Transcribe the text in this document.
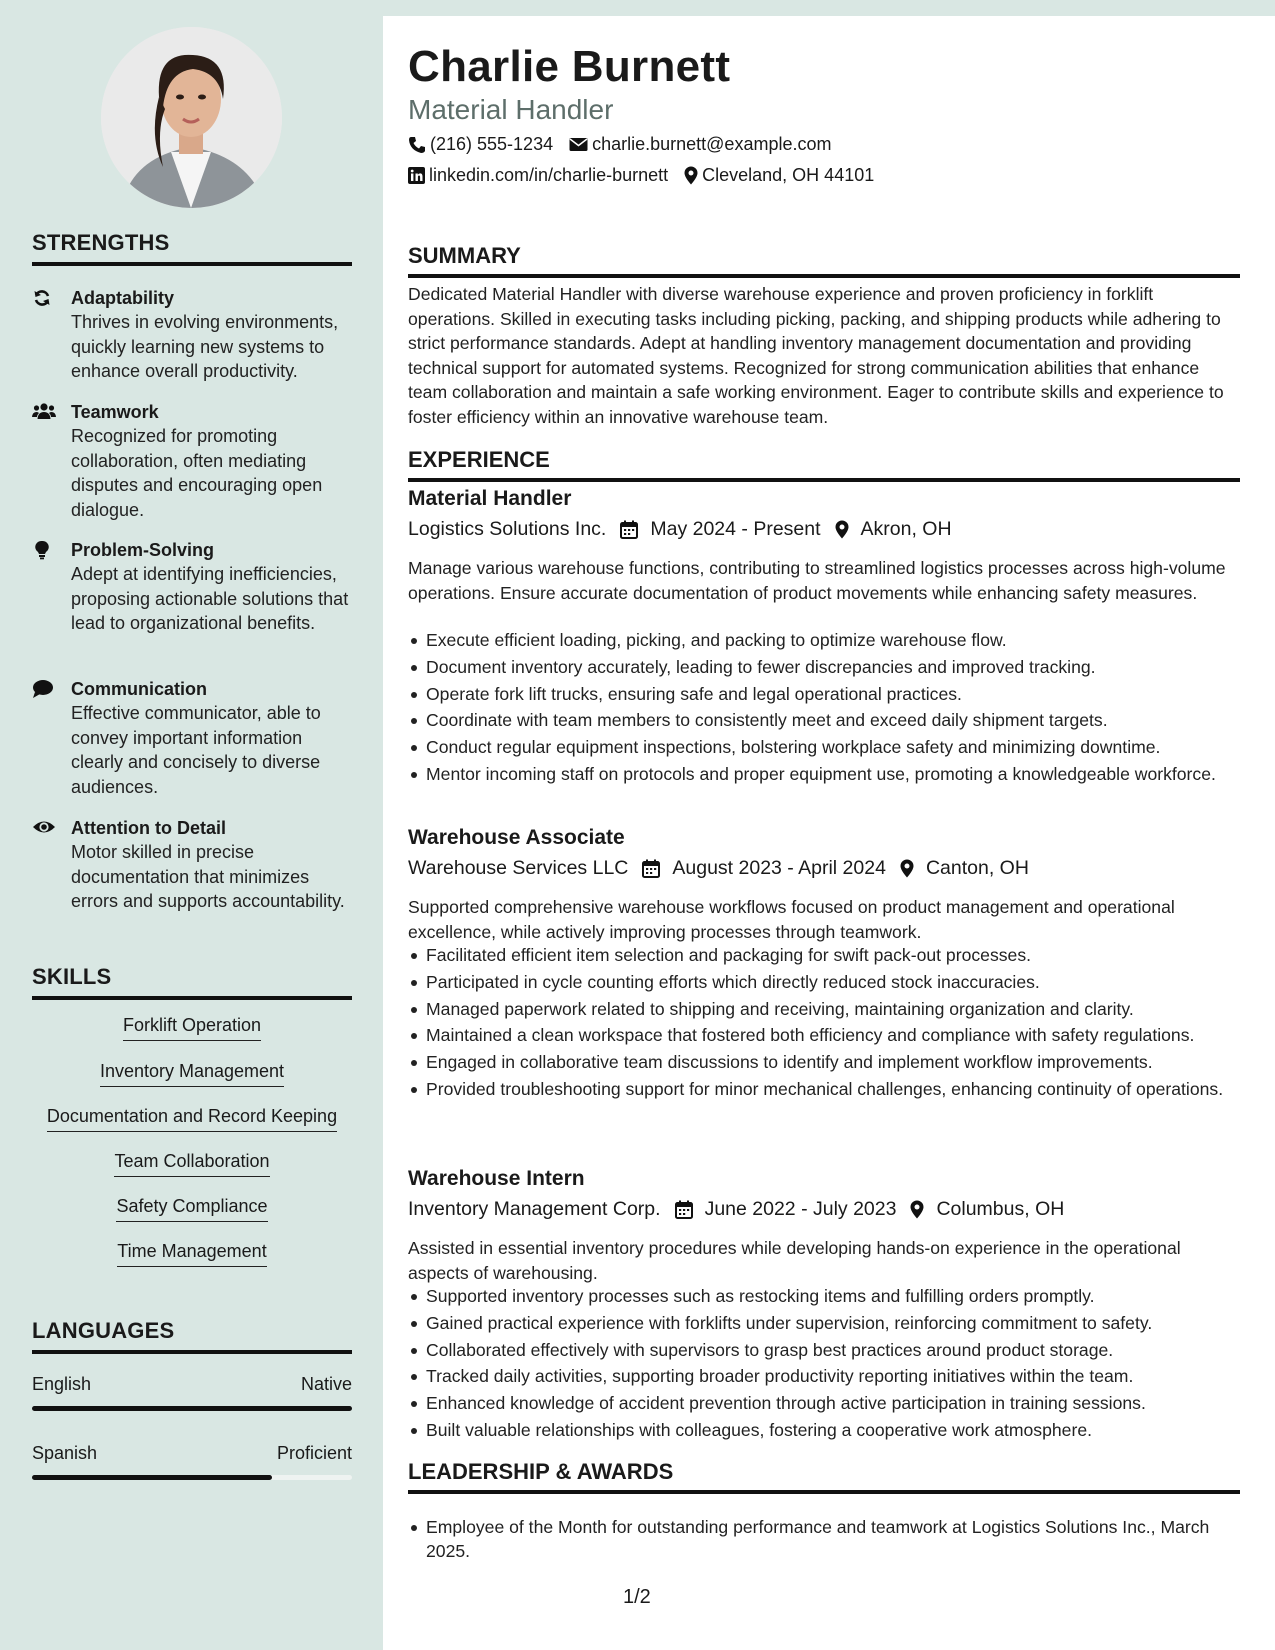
STRENGTHS
Adaptability
Thrives in evolving environments, quickly learning new systems to enhance overall productivity.
Teamwork
Recognized for promoting collaboration, often mediating disputes and encouraging open dialogue.
Problem-Solving
Adept at identifying inefficiencies, proposing actionable solutions that lead to organizational benefits.
Communication
Effective communicator, able to convey important information clearly and concisely to diverse audiences.
Attention to Detail
Motor skilled in precise documentation that minimizes errors and supports accountability.
SKILLS
Forklift Operation
Inventory Management
Documentation and Record Keeping
Team Collaboration
Safety Compliance
Time Management
LANGUAGES
English	Native
Spanish	Proficient
Charlie Burnett
Material Handler
(216) 555-1234 charlie.burnett@example.com
linkedin.com/in/charlie-burnett Cleveland, OH 44101
SUMMARY
Dedicated Material Handler with diverse warehouse experience and proven proficiency in forklift operations. Skilled in executing tasks including picking, packing, and shipping products while adhering to strict performance standards. Adept at handling inventory management documentation and providing technical support for automated systems. Recognized for strong communication abilities that enhance team collaboration and maintain a safe working environment. Eager to contribute skills and experience to foster efficiency within an innovative warehouse team.
EXPERIENCE
Material Handler
Logistics Solutions Inc. May 2024 - Present Akron, OH
Manage various warehouse functions, contributing to streamlined logistics processes across high-volume operations. Ensure accurate documentation of product movements while enhancing safety measures.
Execute efficient loading, picking, and packing to optimize warehouse flow.
Document inventory accurately, leading to fewer discrepancies and improved tracking.
Operate fork lift trucks, ensuring safe and legal operational practices.
Coordinate with team members to consistently meet and exceed daily shipment targets.
Conduct regular equipment inspections, bolstering workplace safety and minimizing downtime.
Mentor incoming staff on protocols and proper equipment use, promoting a knowledgeable workforce.
Warehouse Associate
Warehouse Services LLC August 2023 - April 2024 Canton, OH
Supported comprehensive warehouse workflows focused on product management and operational excellence, while actively improving processes through teamwork.
Facilitated efficient item selection and packaging for swift pack-out processes.
Participated in cycle counting efforts which directly reduced stock inaccuracies.
Managed paperwork related to shipping and receiving, maintaining organization and clarity.
Maintained a clean workspace that fostered both efficiency and compliance with safety regulations.
Engaged in collaborative team discussions to identify and implement workflow improvements.
Provided troubleshooting support for minor mechanical challenges, enhancing continuity of operations.
Warehouse Intern
Inventory Management Corp. June 2022 - July 2023 Columbus, OH
Assisted in essential inventory procedures while developing hands-on experience in the operational aspects of warehousing.
Supported inventory processes such as restocking items and fulfilling orders promptly.
Gained practical experience with forklifts under supervision, reinforcing commitment to safety.
Collaborated effectively with supervisors to grasp best practices around product storage.
Tracked daily activities, supporting broader productivity reporting initiatives within the team.
Enhanced knowledge of accident prevention through active participation in training sessions.
Built valuable relationships with colleagues, fostering a cooperative work atmosphere.
LEADERSHIP & AWARDS
Employee of the Month for outstanding performance and teamwork at Logistics Solutions Inc., March 2025.
1/2
